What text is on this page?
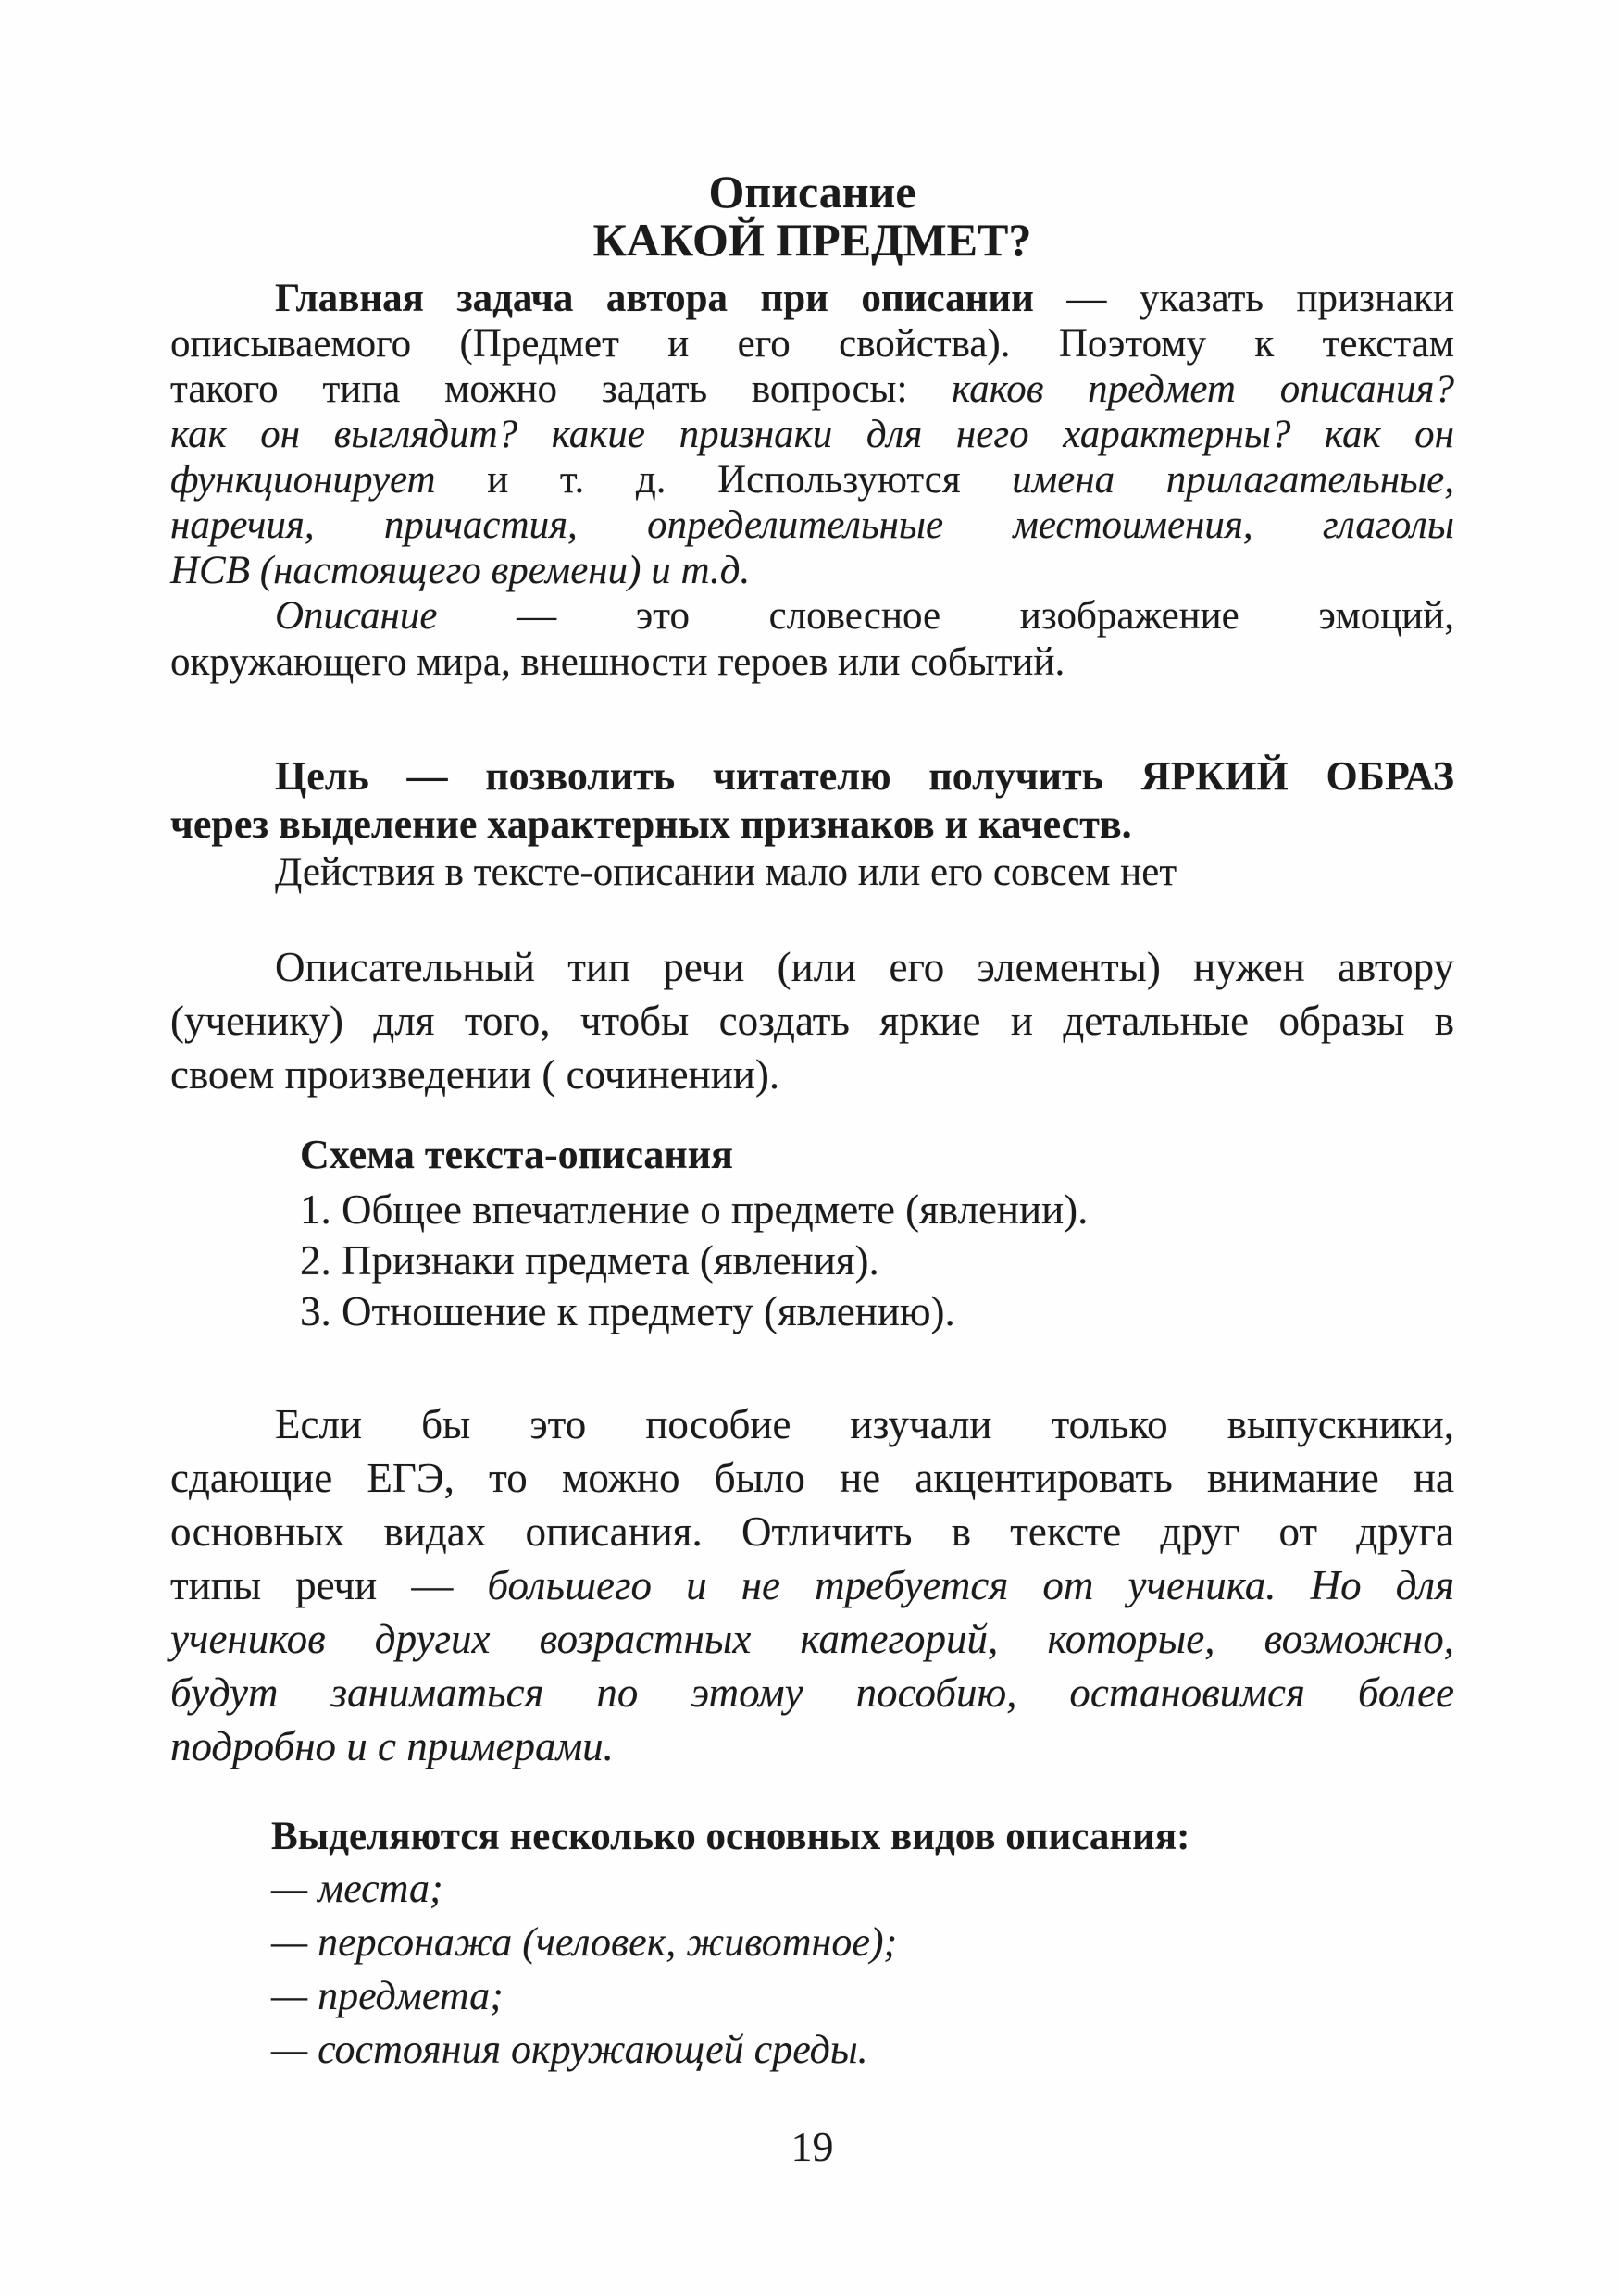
Описание
КАКОЙ ПРЕДМЕТ?
Главная задача автора при описании — указать признаки
описываемого (Предмет и его свойства). Поэтому к текстам
такого типа можно задать вопросы: каков предмет описания?
как он выглядит? какие признаки для него характерны? как он
функционирует и т. д. Используются имена прилагательные,
наречия, причастия, определительные местоимения, глаголы
НСВ (настоящего времени) и т.д.
Описание — это словесное изображение эмоций,
окружающего мира, внешности героев или событий.
Цель — позволить читателю получить ЯРКИЙ ОБРАЗ
через выделение характерных признаков и качеств.
Действия в тексте-описании мало или его совсем нет
Описательный тип речи (или его элементы) нужен автору
(ученику) для того, чтобы создать яркие и детальные образы в
своем произведении ( сочинении).
Схема текста-описания
1. Общее впечатление о предмете (явлении).
2. Признаки предмета (явления).
3. Отношение к предмету (явлению).
Если бы это пособие изучали только выпускники,
сдающие ЕГЭ, то можно было не акцентировать внимание на
основных видах описания. Отличить в тексте друг от друга
типы речи — большего и не требуется от ученика. Но для
учеников других возрастных категорий, которые, возможно,
будут заниматься по этому пособию, остановимся более
подробно и с примерами.
Выделяются несколько основных видов описания:
— места;
— персонажа (человек, животное);
— предмета;
— состояния окружающей среды.
19
